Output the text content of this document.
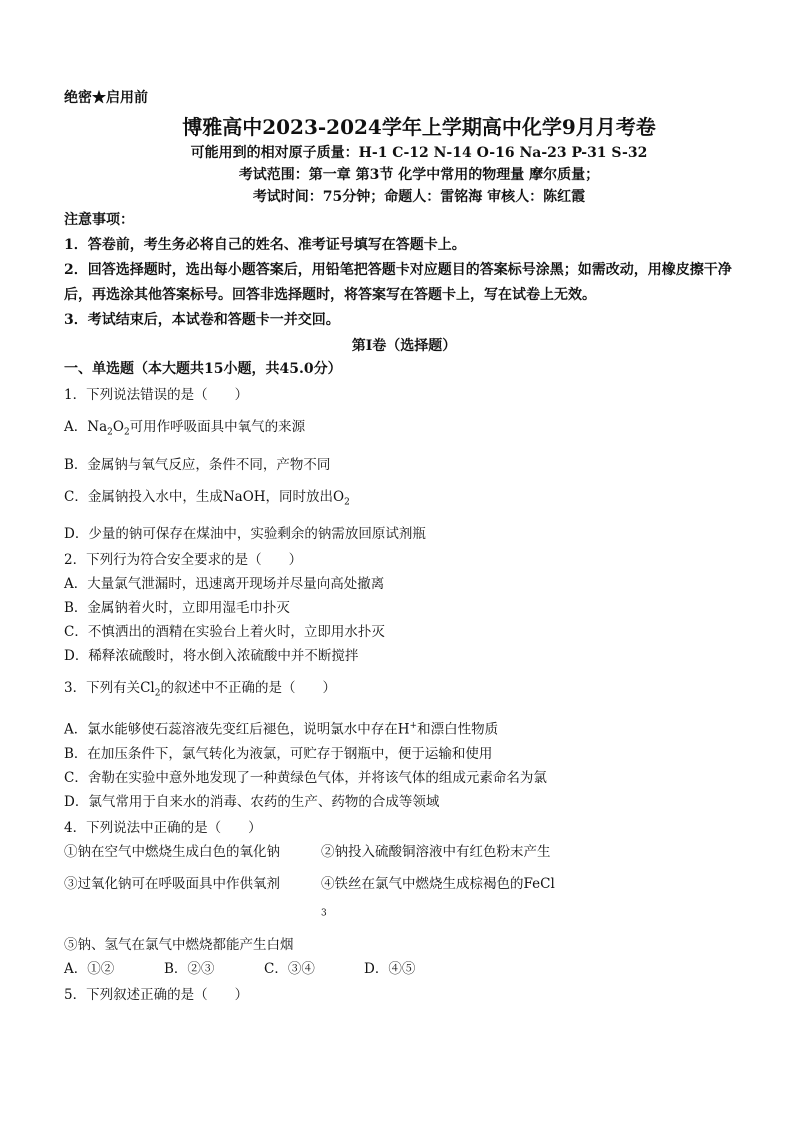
绝密★启用前
博雅高中2023-2024学年上学期高中化学9月月考卷
可能用到的相对原子质量：H-1 C-12 N-14 O-16 Na-23 P-31 S-32
考试范围：第一章 第3节 化学中常用的物理量 摩尔质量；
考试时间：75分钟；命题人：雷铭海 审核人：陈红霞

注意事项：

1．答卷前，考生务必将自己的姓名、准考证号填写在答题卡上。

2．回答选择题时，选出每小题答案后，用铅笔把答题卡对应题目的答案标号涂黑；如需改动，用橡皮擦干净后，再选涂其他答案标号。回答非选择题时，将答案写在答题卡上，写在试卷上无效。

3．考试结束后，本试卷和答题卡一并交回。

第I卷（选择题）
一、单选题（本大题共15小题，共45.0分）
1．下列说法错误的是（　　）
A．$Na_2O_2$可用作呼吸面具中氧气的来源
B．金属钠与氧气反应，条件不同，产物不同
C．金属钠投入水中，生成NaOH，同时放出$O_2$
D．少量的钠可保存在煤油中，实验剩余的钠需放回原试剂瓶
2．下列行为符合安全要求的是（　　）
A．大量氯气泄漏时，迅速离开现场并尽量向高处撤离
B．金属钠着火时，立即用湿毛巾扑灭
C．不慎洒出的酒精在实验台上着火时，立即用水扑灭
D．稀释浓硫酸时，将水倒入浓硫酸中并不断搅拌
3．下列有关$Cl_2$的叙述中不正确的是（　　）
A．氯水能够使石蕊溶液先变红后褪色，说明氯水中存在H+和漂白性物质
B．在加压条件下，氯气转化为液氯，可贮存于钢瓶中，便于运输和使用
C．舍勒在实验中意外地发现了一种黄绿色气体，并将该气体的组成元素命名为氯
D．氯气常用于自来水的消毒、农药的生产、药物的合成等领域
4．下列说法中正确的是（　　）
①钠在空气中燃烧生成白色的氧化钠	②钠投入硫酸铜溶液中有红色粉末产生
③过氧化钠可在呼吸面具中作供氧剂	④铁丝在氯气中燃烧生成棕褐色的FeCl
$_3$
⑤钠、氢气在氯气中燃烧都能产生白烟
A．①②	B．②③	C．③④	D．④⑤
5．下列叙述正确的是（　　）
